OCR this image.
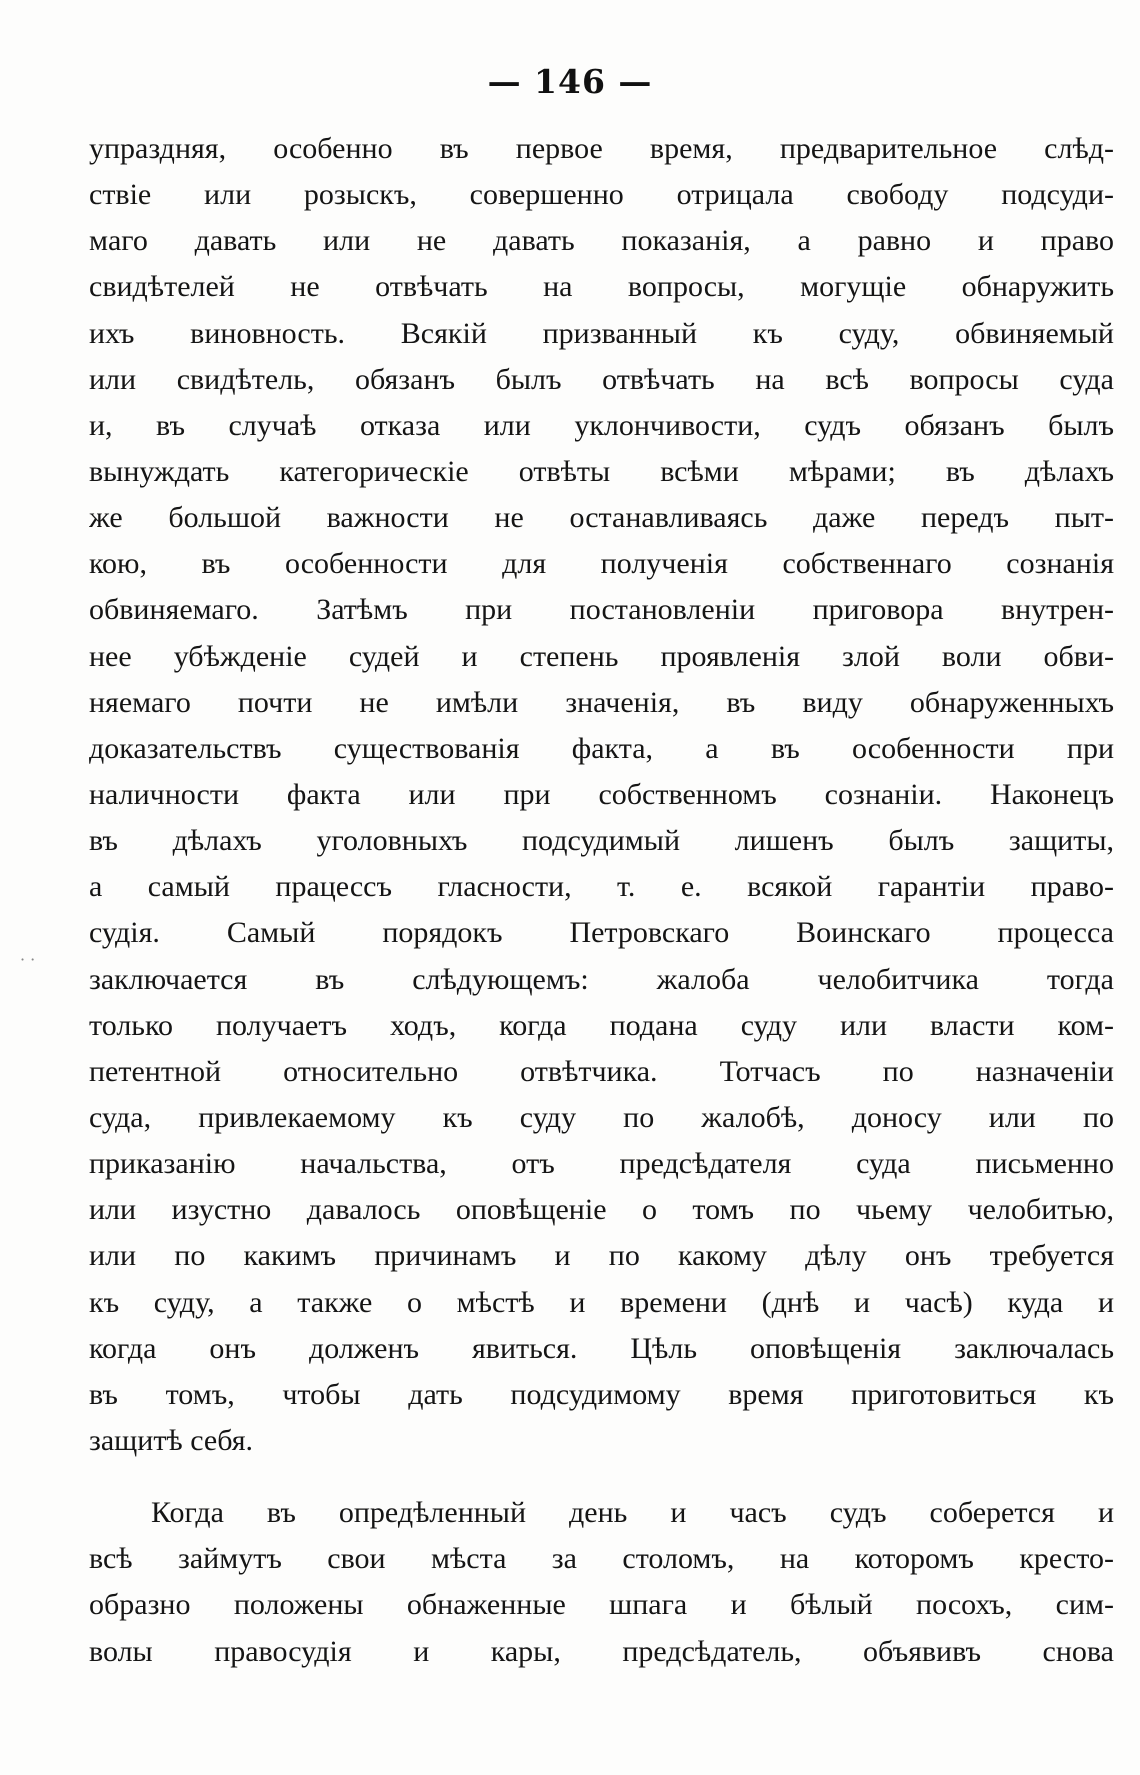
— 146 —
упраздняя, особенно въ первое время, предварительное слѣд-
ствіе или розыскъ, совершенно отрицала свободу подсуди-
мaго давать или не давать показанія, а равно и право
свидѣтелей не отвѣчать на вопросы, могущіе обнаружить
ихъ виновность. Всякій призванный къ суду, обвиняемый
или свидѣтель, обязанъ былъ отвѣчать на всѣ вопросы суда
и, въ случаѣ отказа или уклончивости, судъ обязанъ былъ
вынуждать категорическіе отвѣты всѣми мѣрами; въ дѣлахъ
же большой важности не останавливаясь даже передъ пыт-
кою, въ особенности для полученія собственнаго сознанія
обвиняемаго. Затѣмъ при постановленіи приговора внутрен-
нее убѣжденіе судей и степень проявленія злой воли обви-
няемаго почти не имѣли значенія, въ виду обнаруженныхъ
доказательствъ существованія факта, а въ особенности при
наличности факта или при собственномъ сознаніи. Наконецъ
въ дѣлахъ уголовныхъ подсудимый лишенъ былъ защиты,
а самый працессъ гласности, т. е. всякой гарантіи право-
судія. Самый порядокъ Петровскаго Воинскаго процесса
заключается въ слѣдующемъ: жалоба челобитчика тогда
только получаетъ ходъ, когда подана суду или власти ком-
петентной относительно отвѣтчика. Тотчасъ по назначеніи
суда, привлекаемому къ суду по жалобѣ, доносу или по
приказанію начальства, отъ предсѣдателя суда письменно
или изустно давалось оповѣщеніе о томъ по чьему челобитью,
или по какимъ причинамъ и по какому дѣлу онъ требуется
къ суду, а также о мѣстѣ и времени (днѣ и часѣ) куда и
когда онъ долженъ явиться. Цѣль оповѣщенія заключалась
въ томъ, чтобы дать подсудимому время приготовиться къ
защитѣ себя.
Когда въ опредѣленный день и часъ судъ соберется и
всѣ займутъ свои мѣста за столомъ, на которомъ кресто-
образно положены обнаженные шпага и бѣлый посохъ, сим-
волы правосудія и кары, предсѣдатель, объявивъ снова
· ·
